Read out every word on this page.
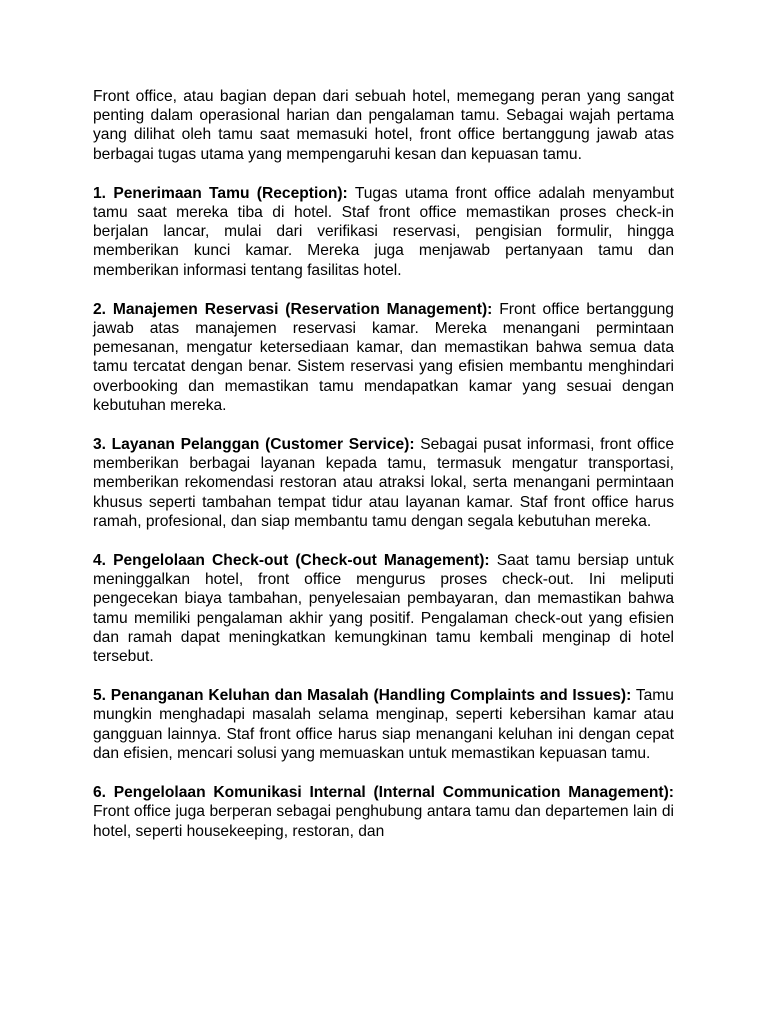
Front office, atau bagian depan dari sebuah hotel, memegang peran yang sangat penting dalam operasional harian dan pengalaman tamu. Sebagai wajah pertama yang dilihat oleh tamu saat memasuki hotel, front office bertanggung jawab atas berbagai tugas utama yang mempengaruhi kesan dan kepuasan tamu.

1. Penerimaan Tamu (Reception): Tugas utama front office adalah menyambut tamu saat mereka tiba di hotel. Staf front office memastikan proses check-in berjalan lancar, mulai dari verifikasi reservasi, pengisian formulir, hingga memberikan kunci kamar. Mereka juga menjawab pertanyaan tamu dan memberikan informasi tentang fasilitas hotel.

2. Manajemen Reservasi (Reservation Management): Front office bertanggung jawab atas manajemen reservasi kamar. Mereka menangani permintaan pemesanan, mengatur ketersediaan kamar, dan memastikan bahwa semua data tamu tercatat dengan benar. Sistem reservasi yang efisien membantu menghindari overbooking dan memastikan tamu mendapatkan kamar yang sesuai dengan kebutuhan mereka.

3. Layanan Pelanggan (Customer Service): Sebagai pusat informasi, front office memberikan berbagai layanan kepada tamu, termasuk mengatur transportasi, memberikan rekomendasi restoran atau atraksi lokal, serta menangani permintaan khusus seperti tambahan tempat tidur atau layanan kamar. Staf front office harus ramah, profesional, dan siap membantu tamu dengan segala kebutuhan mereka.

4. Pengelolaan Check-out (Check-out Management): Saat tamu bersiap untuk meninggalkan hotel, front office mengurus proses check-out. Ini meliputi pengecekan biaya tambahan, penyelesaian pembayaran, dan memastikan bahwa tamu memiliki pengalaman akhir yang positif. Pengalaman check-out yang efisien dan ramah dapat meningkatkan kemungkinan tamu kembali menginap di hotel tersebut.

5. Penanganan Keluhan dan Masalah (Handling Complaints and Issues): Tamu mungkin menghadapi masalah selama menginap, seperti kebersihan kamar atau gangguan lainnya. Staf front office harus siap menangani keluhan ini dengan cepat dan efisien, mencari solusi yang memuaskan untuk memastikan kepuasan tamu.

6. Pengelolaan Komunikasi Internal (Internal Communication Management): Front office juga berperan sebagai penghubung antara tamu dan departemen lain di hotel, seperti housekeeping, restoran, dan
